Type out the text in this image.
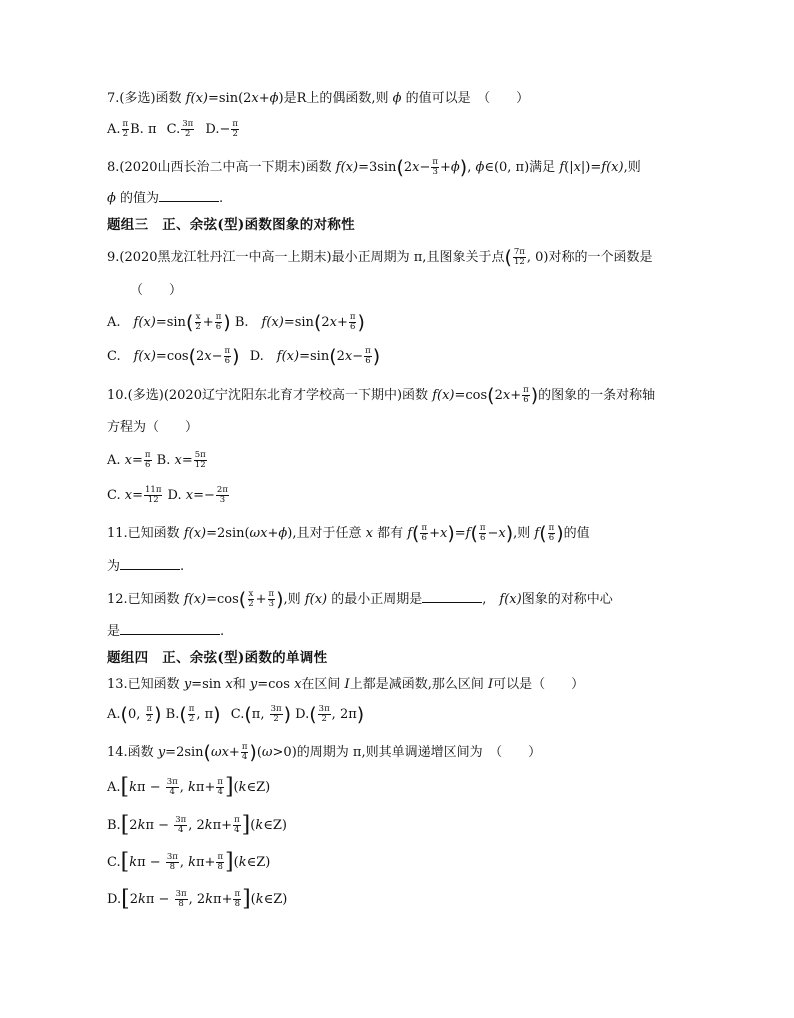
7.(多选)函数 f(x)=sin(2x+ϕ)是R上的偶函数,则 ϕ 的值可以是　（　　）
A. $\frac{\pi}{2} B$. π C. $\frac{3\pi}{2} D.- \frac{\pi}{2}$
8.(2020山西长治二中高一下期末)函数 $f(x)=3\sin(2x- \frac{\pi}{3} +\phi)$, ϕ∈(0, π)满足 f(|x|)=f(x),则
ϕ 的值为	.
题组三　正、余弦(型)函数图象的对称性
9.(2020黑龙江牡丹江一中高一上期末)最小正周期为 π,且图象关于点( $\frac{7\pi}{12}$ , 0)对称的一个函数是
（　　）
A.　$f(x)=\sin( \frac{x}{2} + \frac{\pi}{6}$ ) B.　$f(x)=\sin(2x+ \frac{\pi}{6}$ )
C.　$f(x)=\cos(2x- \frac{\pi}{6}$ ) D.　$f(x)=\sin(2x- \frac{\pi}{6}$ )
10.(多选)(2020辽宁沈阳东北育才学校高一下期中)函数 $f(x)=\cos(2x+ \frac{\pi}{6}$ )的图象的一条对称轴
方程为（　　）
A. $x= \frac{\pi}{6} B$. $x= \frac{5\pi}{12}$
C. $x= \frac{11\pi}{12} D$. $x=- \frac{2\pi}{3}$
11.已知函数 f(x)=2sin(ωx+ϕ),且对于任意 x 都有 $f( \frac{\pi}{6} +x)=f( \frac{\pi}{6} -x)$,则 $f( \frac{\pi}{6}$ )的值
为	.
12.已知函数 $f(x)=\cos( \frac{x}{2} + \frac{\pi}{3}$ ),则 f(x) 的最小正周期是	,　f(x)图象的对称中心
是	.
题组四　正、余弦(型)函数的单调性
13.已知函数 y=sin x和 y=cos x在区间 I上都是减函数,那么区间 I可以是（　　）
A.(0, $\frac{\pi}{2}$ ) $B.( \frac{\pi}{2}$ , π) C.(π, $\frac{3\pi}{2}$ ) $D.( \frac{3\pi}{2}$ , 2π)
14.函数 $y=2\sin(\omega x+ \frac{\pi}{4} )(\omega>0)$的周期为 π,则其单调递增区间为　（　　）
$A.[k\pi - \frac{3\pi}{4}$ , $k\pi+ \frac{\pi}{4}$ ](k∈Z)
$B.[2k\pi - \frac{3\pi}{4}$ , $2k\pi+ \frac{\pi}{4}$ ](k∈Z)
$C.[k\pi - \frac{3\pi}{8}$ , $k\pi+ \frac{\pi}{8}$ ](k∈Z)
$D.[2k\pi - \frac{3\pi}{8}$ , $2k\pi+ \frac{\pi}{8}$ ](k∈Z)
